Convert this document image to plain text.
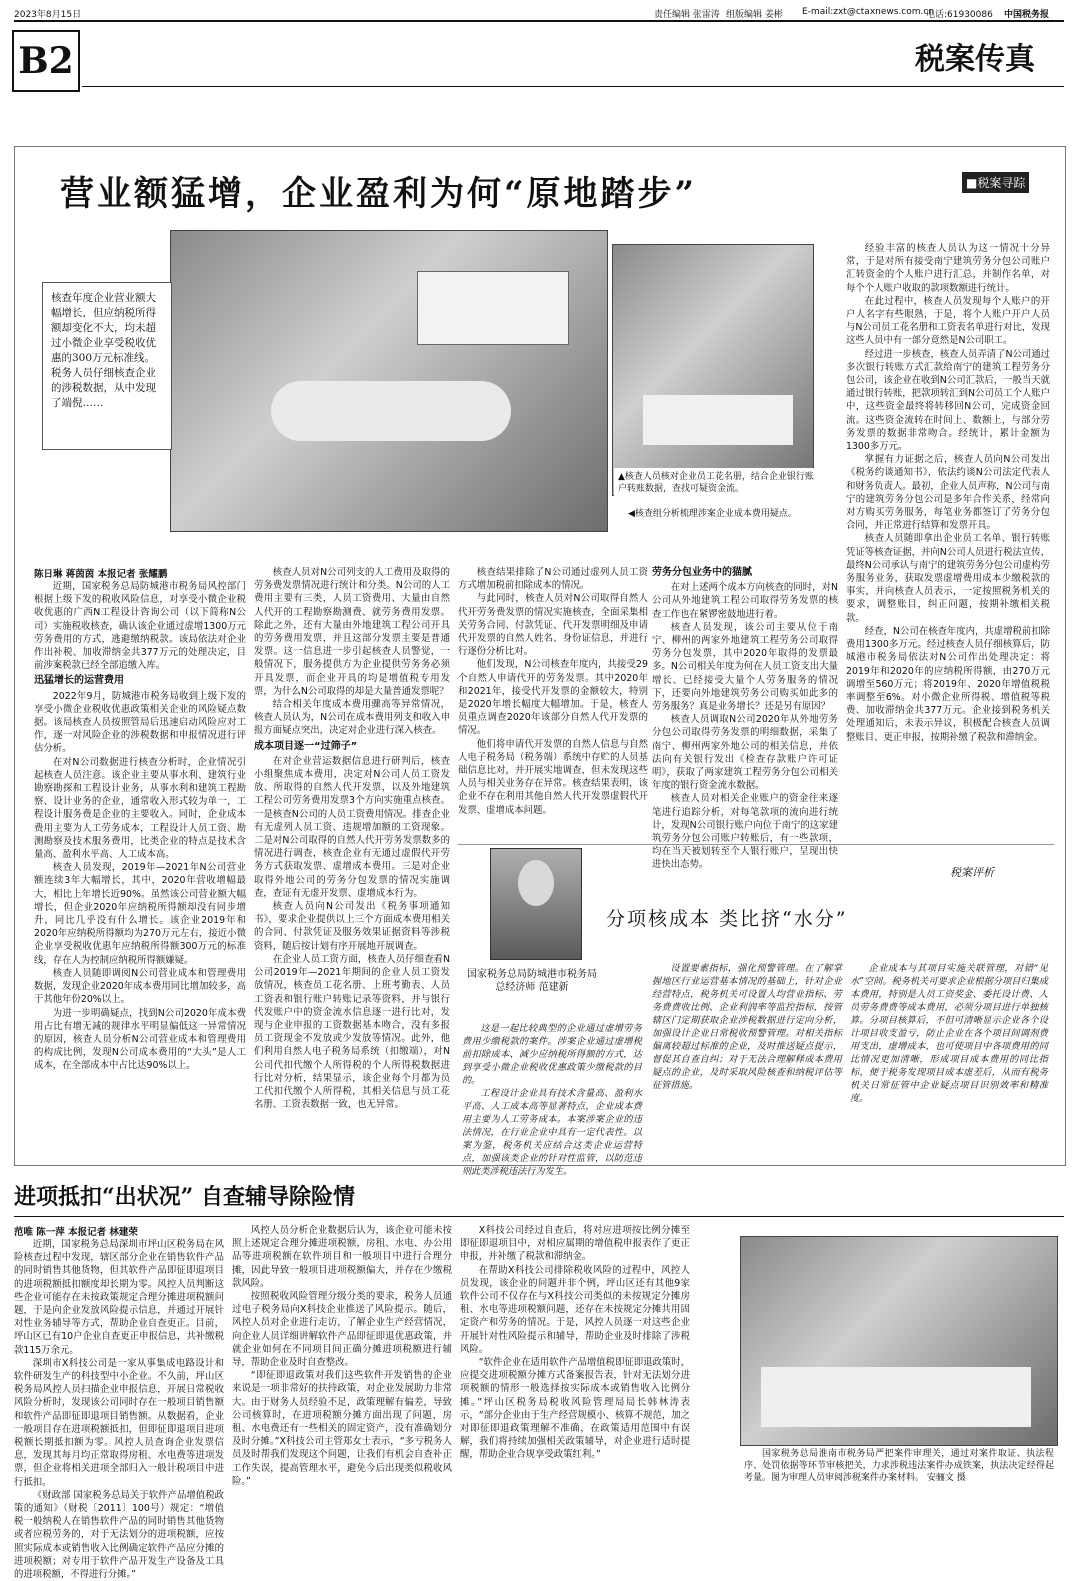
2023年8月15日	责任编辑 张雷涛 组版编辑 姜彬 E-mail:zxt@ctaxnews.com.cn
电话:61930086 中国税务报
B2	税案传真
营业额猛增，企业盈利为何“原地踏步”	■税案寻踪
▲核查人员核对企业员工花名册，结合企业银行账户转账数据，查找可疑资金流。
◀核查组分析梳理涉案企业成本费用疑点。
核查年度企业营业额大幅增长，但应纳税所得额却变化不大，均未超过小微企业享受税收优惠的300万元标准线。税务人员仔细核查企业的涉税数据，从中发现了端倪……
陈日琳 蒋茵茵 本报记者 张耀鹏

近期，国家税务总局防城港市税务局风控部门根据上级下发的税收风险信息，对享受小微企业税收优惠的广西N工程设计咨询公司（以下简称N公司）实施税收核查，确认该企业通过虚增1300万元劳务费用的方式，逃避缴纳税款。该局依法对企业作出补税、加收滞纳金共377万元的处理决定，目前涉案税款已经全部追缴入库。

迅猛增长的运营费用

2022年9月，防城港市税务局收到上级下发的享受小微企业税收优惠政策相关企业的风险疑点数据。该局核查人员按照管局后迅速启动风险应对工作，逐一对风险企业的涉税数据和申报情况进行评估分析。

在对N公司数据进行核查分析时，企业情况引起核查人员注意。该企业主要从事水利、建筑行业勘察勘探和工程设计业务，从事水利和建筑工程勘察、设计业务的企业，通常收入形式较为单一，工程设计服务费是企业的主要收入。同时，企业成本费用主要为人工劳务成本，工程设计人员工资、勘测勘察及技术服务费用，比类企业的特点是技术含量高、盈利水平高、人工成本高。

核查人员发现，2019年—2021年N公司营业额连续3年大幅增长，其中，2020年营收增幅最大，相比上年增长近90%。虽然该公司营业额大幅增长，但企业2020年应纳税所得额却没有同步增升，同比几乎没有什么增长。该企业2019年和2020年应纳税所得额均为270万元左右，接近小微企业享受税收优惠年应纳税所得额300万元的标准线，存在人为控制应纳税所得额嫌疑。

核查人员随即调阅N公司营业成本和管理费用数据，发现企业2020年成本费用同比增加较多，高于其他年份20%以上。

为进一步明确疑点，找到N公司2020年成本费用占比有增无减的规律水平明显偏低这一异常情况的原因，核查人员分析N公司营业成本和管理费用的构成比例，发现N公司成本费用的“大头”是人工成本，在全部成本中占比达90%以上。

核查人员对N公司列支的人工费用及取得的劳务费发票情况进行统计和分类。N公司的人工费用主要有三类，人员工资费用、大量由自然人代开的工程勘察勘测费、就劳务费用发票。除此之外，还有大量由外地建筑工程公司开具的劳务费用发票，并且这部分发票主要是普通发票。这一信息进一步引起核查人员警觉，一般情况下，服务提供方为企业提供劳务务必须开具发票，而企业开具的均是增值税专用发票，为什么N公司取得的却是大量普通发票呢？

结合相关年度成本费用骤高等异常情况，核查人员认为，N公司在成本费用列支和收入申报方面疑点突出，决定对企业进行深入核查。

成本项目逐一“过筛子”

在对企业营运数据信息进行研判后，核查小组聚焦成本费用，决定对N公司人员工资发放、所取得的自然人代开发票，以及外地建筑工程公司劳务费用发票3个方向实施重点核查。一是核查N公司的人员工资费用情况。排查企业有无虚列人员工资、违规增加额的工资现象。二是对N公司取得的自然人代开劳务发票数多的情况进行调查，核查企业有无通过虚假代开劳务方式获取发票、虚增成本费用。三是对企业取得外地公司的劳务分包发票的情况实施调查，查证有无虚开发票、虚增成本行为。

核查人员向N公司发出《税务事项通知书》，要求企业提供以上三个方面成本费用相关的合同、付款凭证及服务效果证据资料等涉税资料，随后按计划有序开展地开展调查。

在企业人员工资方面，核查人员仔细查看N公司2019年—2021年期间的企业人员工资发放情况，核查员工花名册、上班考勤表、人员工资表和银行账户转账记录等资料，并与银行代发账户中的资金流水信息逐一进行比对，发现与企业申报的工资数据基本吻合，没有多报员工资现金不发放或少发放等情况。此外，他们利用自然人电子税务局系统（扣缴端），对N公司代扣代缴个人所得税的个人所得税数据进行比对分析，结果显示，该企业每个月都为员工代扣代缴个人所得税，其相关信息与员工花名册、工资表数据一致，也无异常。

核查结果排除了N公司通过虚列人员工资方式增加税前扣除成本的情况。

与此同时，核查人员对N公司取得自然人代开劳务费发票的情况实施核查，全面采集相关劳务合同、付款凭证、代开发票明细及申请代开发票的自然人姓名、身份证信息，并进行行逐份分析比对。

他们发现，N公司核查年度内，共接受29个自然人申请代开的劳务发票。其中2020年和2021年，接受代开发票的金额较大，特别是2020年增长幅度大幅增加。于是，核查人员重点调查2020年该部分自然人代开发票的情况。

他们将申请代开发票的自然人信息与自然人电子税务局（税务端）系统中存贮的人员基础信息比对，并开展实地调查，但未发现这些人员与相关业务存在异常。核查结果表明，该企业不存在利用其他自然人代开发票虚假代开发票、虚增成本问题。

劳务分包业务中的猫腻

在对上述两个成本方向核查的同时，对N公司从外地建筑工程公司取得劳务发票的核查工作也在紧锣密鼓地进行着。

核查人员发现，该公司主要从位于南宁、柳州的两家外地建筑工程劳务公司取得劳务分包发票，其中2020年取得的发票最多。N公司相关年度为何在人员工资支出大量增长、已经接受大量个人劳务服务的情况下，还要向外地建筑劳务公司购买如此多的劳务服务？真是业务增长？还是另有原因？

核查人员调取N公司2020年从外地劳务分包公司取得劳务发票的明细数据，采集了南宁、柳州两家外地公司的相关信息，并依法向有关银行发出《检查存款账户许可证明》，获取了两家建筑工程劳务分包公司相关年度的银行资金流水数据。

核查人员对相关企业账户的资金往来逐笔进行追踪分析，对每笔款项的流向进行统计，发现N公司银行账户向位于南宁的这家建筑劳务分包公司账户转账后，有一些款项，均在当天被划转至个人银行账户，呈现出快进快出态势。

经验丰富的核查人员认为这一情况十分异常，于是对所有接受南宁建筑劳务分包公司账户汇转资金的个人账户进行汇总，并制作名单，对每个个人账户收取的款项数额进行统计。

在此过程中，核查人员发现每个人账户的开户人名字有些眼熟，于是，将个人账户开户人员与N公司员工花名册和工资表名单进行对比，发现这些人员中有一部分竟然是N公司职工。

经过进一步核查，核查人员弄清了N公司通过多次银行转账方式汇款给南宁的建筑工程劳务分包公司，该企业在收到N公司汇款后，一般当天就通过银行转账，把款项转汇到N公司员工个人账户中，这些资金最终将转移回N公司，完成资金回流。这些资金流转在时间上、数额上，与部分劳务发票的数据非常吻合。经统计，累计金额为1300多万元。

掌握有力证据之后，核查人员向N公司发出《税务约谈通知书》，依法约谈N公司法定代表人和财务负责人。最初，企业人员声称，N公司与南宁的建筑劳务分包公司是多年合作关系，经常向对方购买劳务服务，每笔业务都签订了劳务分包合同，并正常进行结算和发票开具。

核查人员随即拿出企业员工名单、银行转账凭证等核查证据，并向N公司人员进行税法宣传，最终N公司承认与南宁的建筑劳务分包公司虚构劳务服务业务，获取发票虚增费用成本少缴税款的事实，并向核查人员表示，一定按照税务机关的要求，调整账目，纠正问题，按期补缴相关税款。

经查，N公司在核查年度内，共虚增税前扣除费用1300多万元。经过核查人员仔细核算后，防城港市税务局依法对N公司作出处理决定：将2019年和2020年的应纳税所得额，由270万元调增至560万元；将2019年、2020年增值税税率调整至6%。对小微企业所得税、增值税等税费、加收滞纳金共377万元。企业接到税务机关处理通知后，未表示异议，积极配合核查人员调整账目、更正申报，按期补缴了税款和滞纳金。

税案评析
国家税务总局防城港市税务局
总经济师 范建新
分项核成本 类比挤“水分”

这是一起比较典型的企业通过虚增劳务费用少缴税款的案件。涉案企业通过虚增税前扣除成本、减少应纳税所得额的方式，达到享受小微企业税收优惠政策少缴税款的目的。

工程设计企业具有技术含量高、盈利水平高、人工成本高等显著特点，企业成本费用主要为人工劳务成本。本案涉案企业的违法情况，在行业企业中具有一定代表性。以案为鉴，税务机关应结合这类企业运营特点，加强该类企业的针对性监管，以防范违则此类涉税违法行为发生。

设置要素指标，强化预警管理。在了解掌握地区行业运营基本情况的基础上，针对企业经营特点，税务机关可设置人均营业指标、劳务费费收比例、企业利润率等监控指标，按管辖区门定期获取企业涉税数据进行定向分析，加强设计企业日常税收预警管理。对相关指标偏离较超过标准的企业，及时推送疑点提示，督促其自查自纠；对于无法合理解释成本费用疑点的企业，及时采取风险核查和纳税评估等征管措施。

企业成本与其项目实施关联管理，对错“见水”空间。税务机关可要求企业根据分项目归集成本费用，特别是人员工资奖金、委托设计费、人员劳务费费等成本费用，必须分项目进行单独核算。分项目核算后，不但可清晰显示企业各个设计项目收支盈亏，防止企业在各个项目间调剂费用支出，虚增成本，也可使项目中各项费用的同比情况更加清晰，形成项目成本费用的同比指标，便于税务发现项目成本虚差后，从而有税务机关日常征管中企业疑点项目识别效率和精准度。

进项抵扣“出状况” 自查辅导除险情
范唯 陈一萍 本报记者 林建荣

近期，国家税务总局深圳市坪山区税务局在风险核查过程中发现，辖区部分企业在销售软件产品的同时销售其他货物，但其软件产品即征即退项目的进项税额抵扣额度却长期为零。风控人员判断这些企业可能存在未按政策规定合理分摊进项税额问题，于是向企业发放风险提示信息，并通过开展针对性业务辅导等方式，帮助企业自查更正。目前，坪山区已有10户企业自查更正申报信息，共补缴税款115万余元。

深圳市X科技公司是一家从事集成电路设计和软件研发生产的科技型中小企业。不久前，坪山区税务局风控人员扫描企业申报信息，开展日常税收风险分析时，发现该公司同时存在一般项目销售额和软件产品即征即退项目销售额。从数据看，企业一般项目存在进项税额抵扣，但即征即退项目进项税额长期抵扣额为零。风控人员查询企业发票信息，发现其每月均正常取得房租、水电费等进项发票，但企业将相关进项全部归入一般计税项目中进行抵扣。

《财政部 国家税务总局关于软件产品增值税政策的通知》（财税〔2011〕100号）规定：“增值税一般纳税人在销售软件产品的同时销售其他货物或者应税劳务的，对于无法划分的进项税额，应按照实际成本或销售收入比例确定软件产品应分摊的进项税额；对专用于软件产品开发生产设备及工具的进项税额，不得进行分摊。”

风控人员分析企业数据后认为，该企业可能未按照上述规定合理分摊进项税额，房租、水电、办公用品等进项税额在软件项目和一般项目中进行合理分摊，因此导致一般项目进项税额偏大，并存在少缴税款风险。

按照税收风险管理分级分类的要求，税务人员通过电子税务局向X科技企业推送了风险提示。随后，风控人员对企业进行走访，了解企业生产经营情况，向企业人员详细讲解软件产品即征即退优惠政策，并就企业如何在不同项目间正确分摊进项税额进行辅导，帮助企业及时自查整改。

“即征即退政策对我们这些软件开发销售的企业来说是一项非常好的扶持政策，对企业发展助力非常大。由于财务人员经验不足，政策理解有偏差，导致公司核算时，在进项税额分摊方面出现了问题，房租、水电费还有一些相关的固定资产，没有准确划分及时分摊。”X科技公司主管郑女士表示，“多亏税务人员及时帮我们发现这个问题，让我们有机会自查补正工作失误，提高管理水平，避免今后出现类似税收风险。”

X科技公司经过自查后，将对应进项按比例分摊至即征即退项目中，对相应属期的增值税申报表作了更正申报，并补缴了税款和滞纳金。

在帮助X科技公司排除税收风险的过程中，风控人员发现，该企业的问题并非个例，坪山区还有其他9家软件公司不仅存在与X科技公司类似的未按规定分摊房租、水电等进项税额问题，还存在未按规定分摊共用固定资产和劳务的情况。于是，风控人员逐一对这些企业开展针对性风险提示和辅导，帮助企业及时排除了涉税风险。

“软件企业在适用软件产品增值税即征即退政策时，应提交进项税额分摊方式备案报告表，针对无法划分进项税额的情形一般选择按实际成本或销售收入比例分摊。”坪山区税务局税收风险管理局局长韩林涛表示，“部分企业由于生产经营规模小、核算不规范，加之对即征即退政策理解不准确，在政策适用范围中有误解，我们将持续加强相关政策辅导，对企业进行适时提醒，帮助企业合规享受政策红利。”	国家税务总局淮南市税务局严把案件审理关，通过对案件取证、执法程序、处罚依据等环节审核把关，力求涉税违法案件办成铁案，执法决定经得起考量。图为审理人员审阅涉税案件办案材料。 安骊文 摄
